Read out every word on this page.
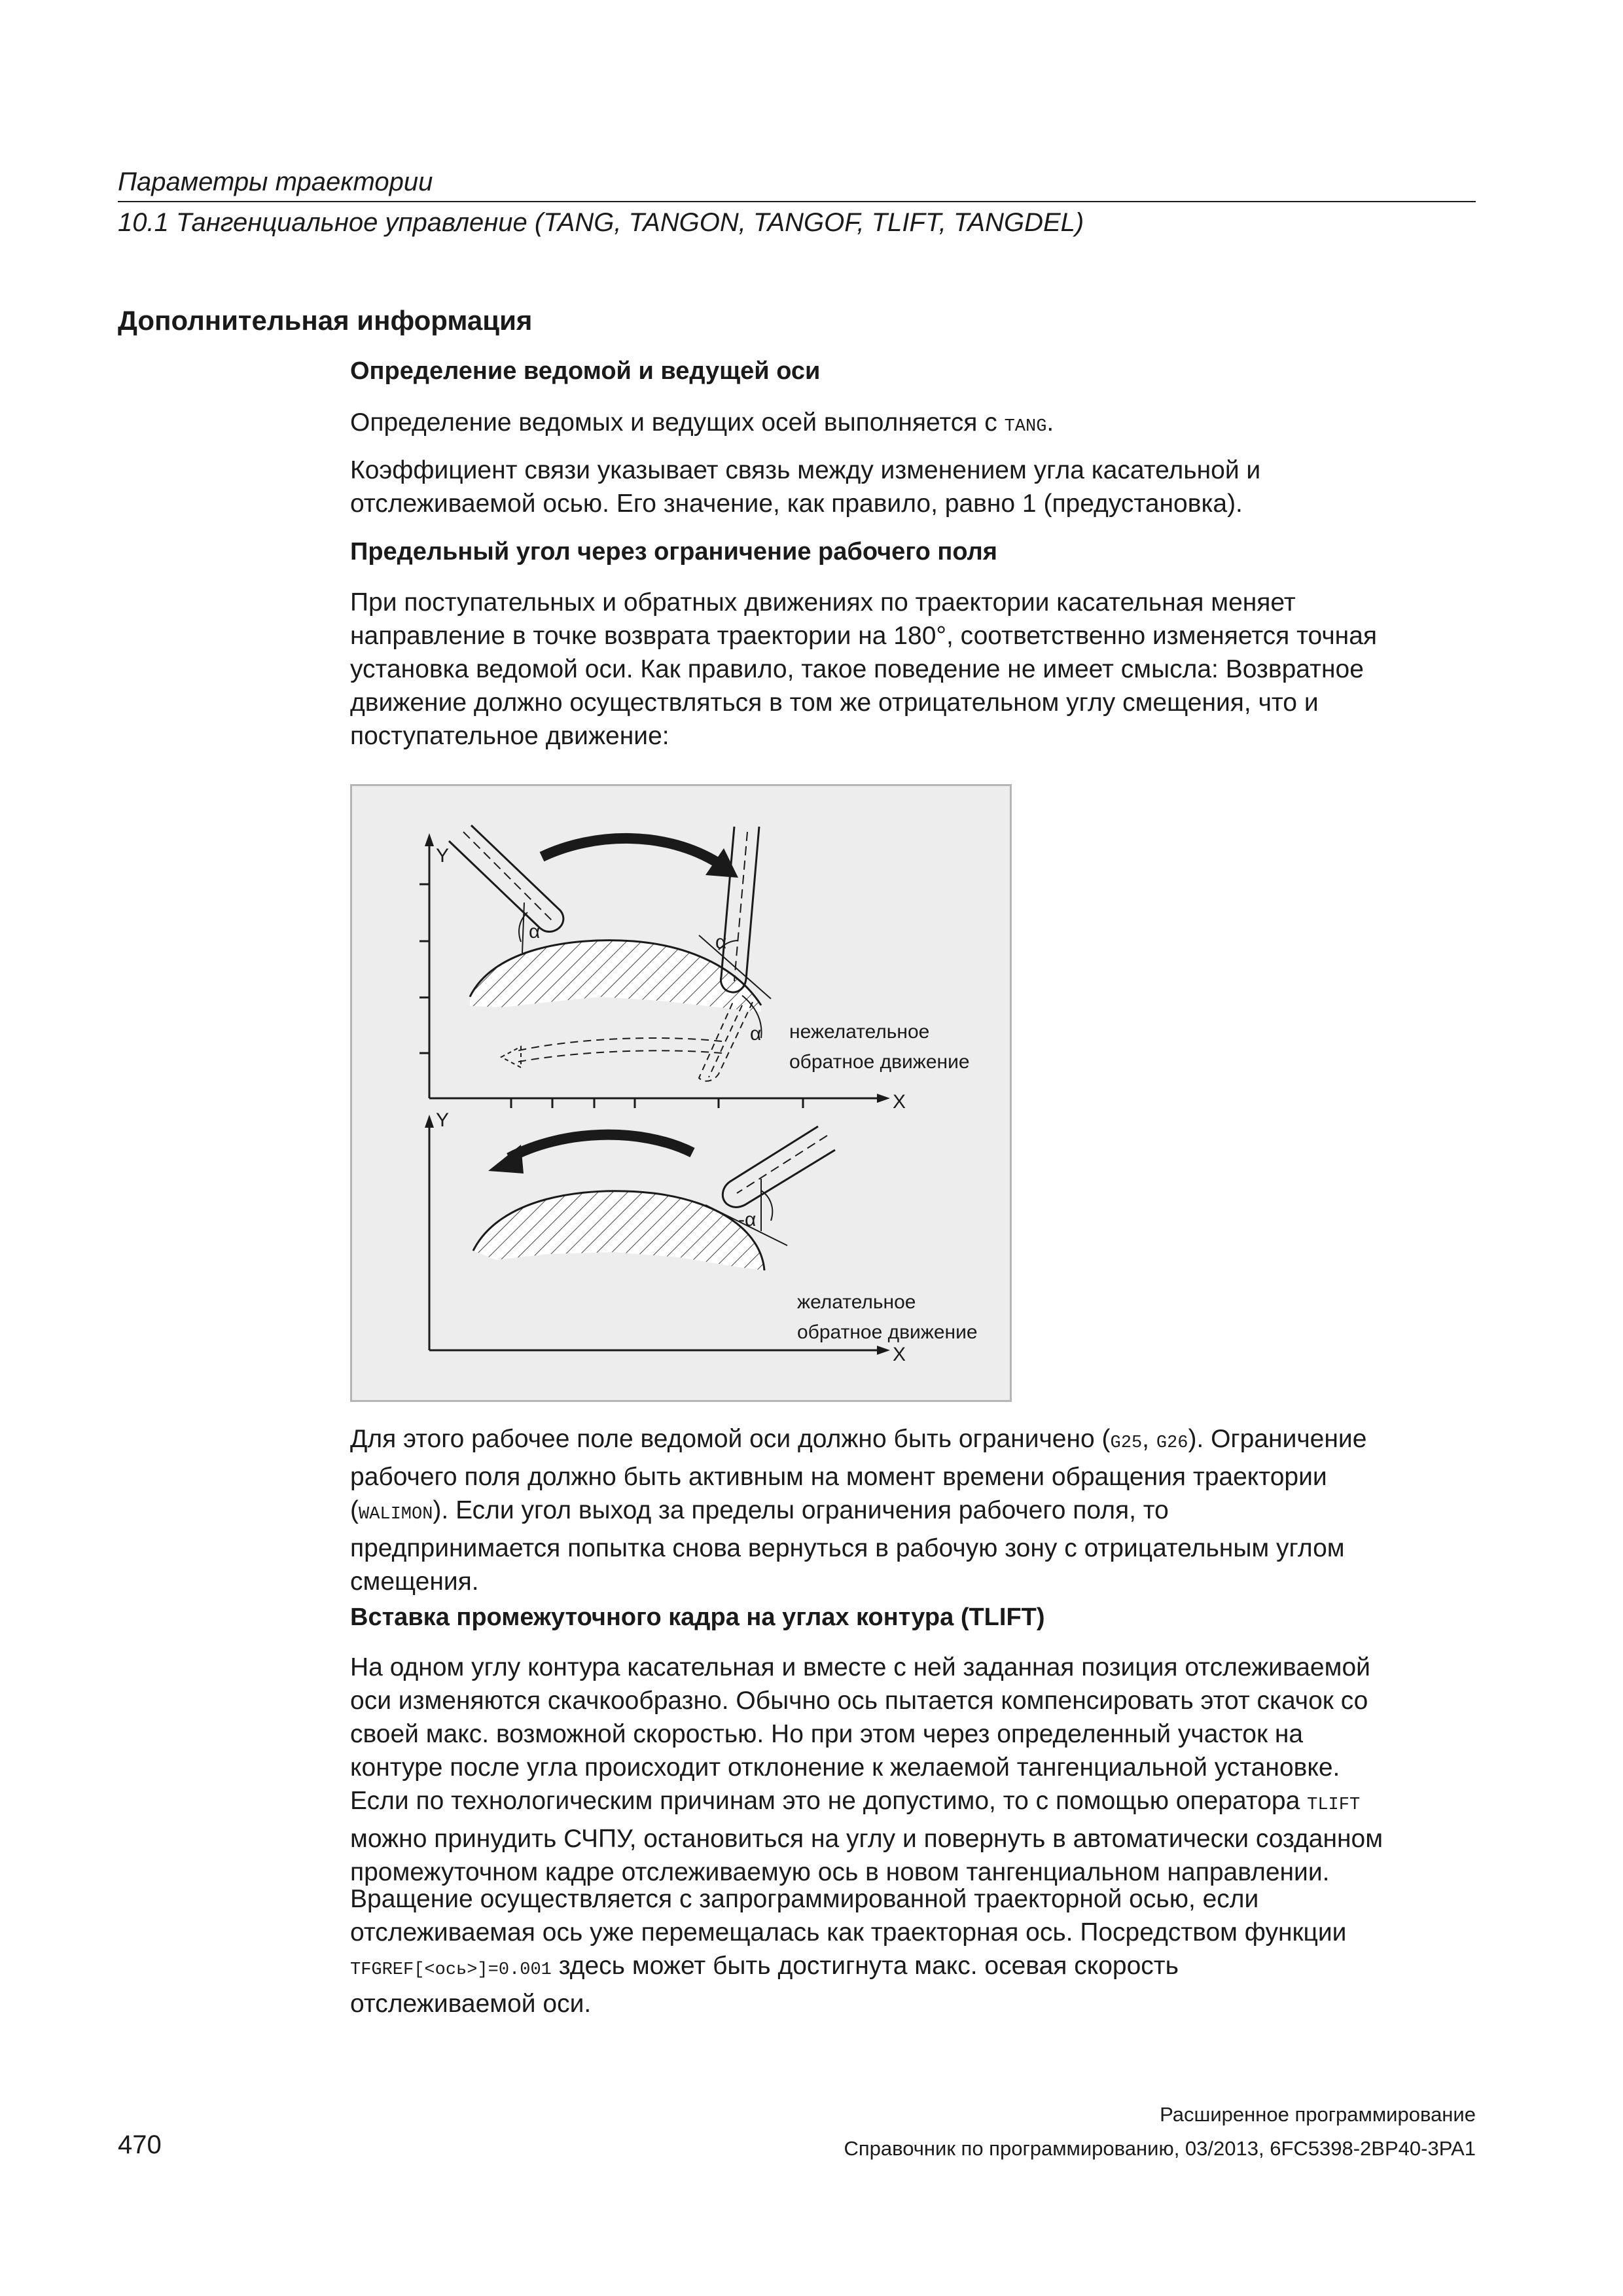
Параметры траектории
10.1 Тангенциальное управление (TANG, TANGON, TANGOF, TLIFT, TANGDEL)
Дополнительная информация
Определение ведомой и ведущей оси
Определение ведомых и ведущих осей выполняется с TANG.
Коэффициент связи указывает связь между изменением угла касательной и
отслеживаемой осью. Его значение, как правило, равно 1 (предустановка).
Предельный угол через ограничение рабочего поля
При поступательных и обратных движениях по траектории касательная меняет
направление в точке возврата траектории на 180°, соответственно изменяется точная
установка ведомой оси. Как правило, такое поведение не имеет смысла: Возвратное
движение должно осуществляться в том же отрицательном углу смещения, что и
поступательное движение:
Y
X
α	α
α нежелательное
обратное движение
Y
X
-α
желательное
обратное движение
Для этого рабочее поле ведомой оси должно быть ограничено (G25, G26). Ограничение
рабочего поля должно быть активным на момент времени обращения траектории
(WALIMON). Если угол выход за пределы ограничения рабочего поля, то
предпринимается попытка снова вернуться в рабочую зону с отрицательным углом
смещения.
Вставка промежуточного кадра на углах контура (TLIFT)
На одном углу контура касательная и вместе с ней заданная позиция отслеживаемой
оси изменяются скачкообразно. Обычно ось пытается компенсировать этот скачок со
своей макс. возможной скоростью. Но при этом через определенный участок на
контуре после угла происходит отклонение к желаемой тангенциальной установке.
Если по технологическим причинам это не допустимо, то с помощью оператора TLIFT
можно принудить СЧПУ, остановиться на углу и повернуть в автоматически созданном
промежуточном кадре отслеживаемую ось в новом тангенциальном направлении.
Вращение осуществляется с запрограммированной траекторной осью, если
отслеживаемая ось уже перемещалась как траекторная ось. Посредством функции
TFGREF[<ось>]=0.001 здесь может быть достигнута макс. осевая скорость
отслеживаемой оси.
Расширенное программирование
470	Справочник по программированию, 03/2013, 6FC5398-2BP40-3PA1
